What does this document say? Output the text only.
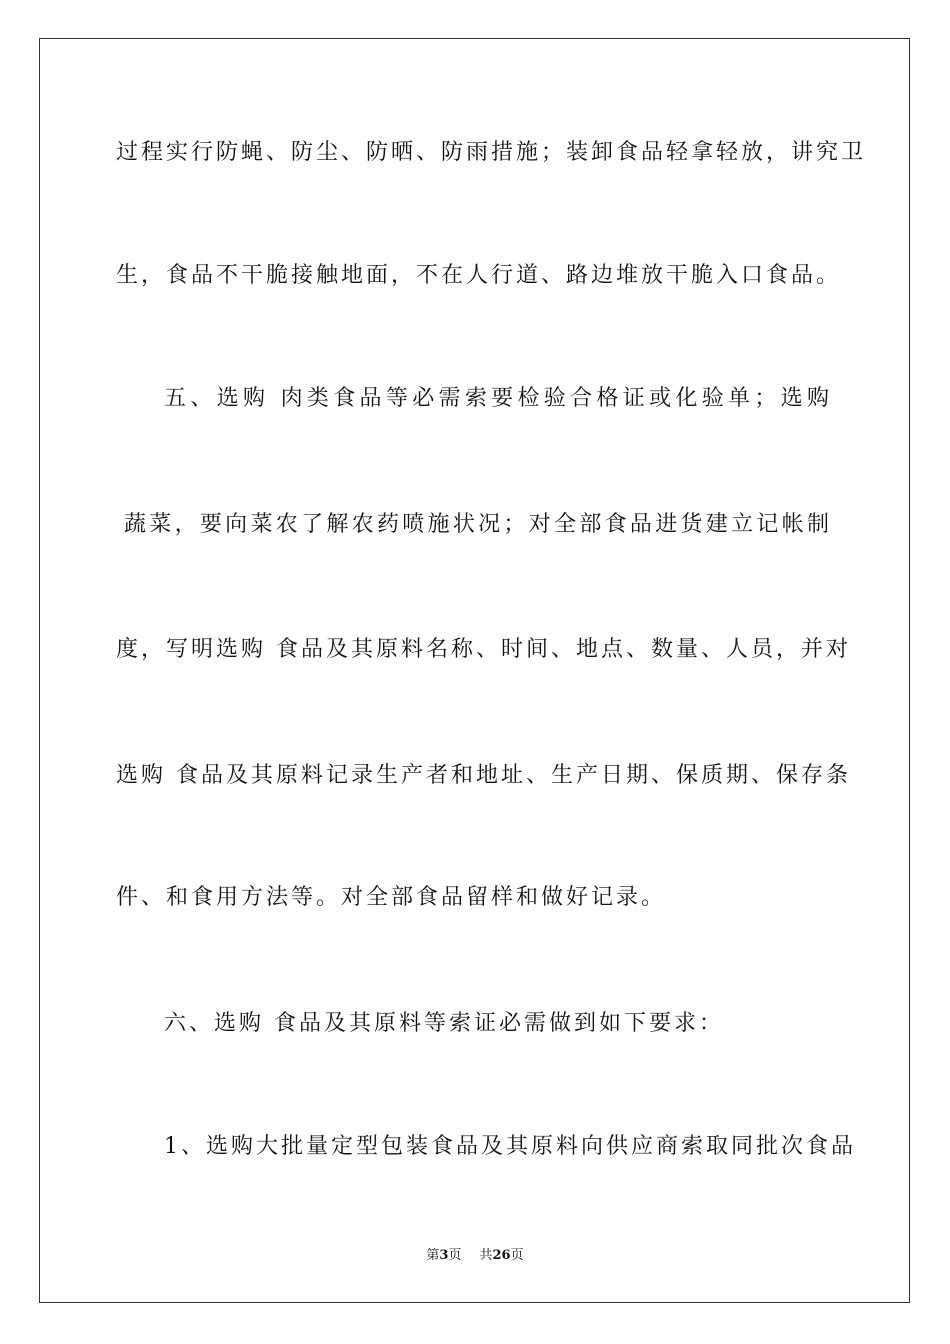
过程实行防蝇、防尘、防晒、防雨措施；装卸食品轻拿轻放，讲究卫
生，食品不干脆接触地面，不在人行道、路边堆放干脆入口食品。
五、选购 肉类食品等必需索要检验合格证或化验单；选购
蔬菜，要向菜农了解农药喷施状况；对全部食品进货建立记帐制
度，写明选购 食品及其原料名称、时间、地点、数量、人员，并对
选购 食品及其原料记录生产者和地址、生产日期、保质期、保存条
件、和食用方法等。对全部食品留样和做好记录。
六、选购 食品及其原料等索证必需做到如下要求：
1、选购大批量定型包装食品及其原料向供应商索取同批次食品
第3页 共26页
